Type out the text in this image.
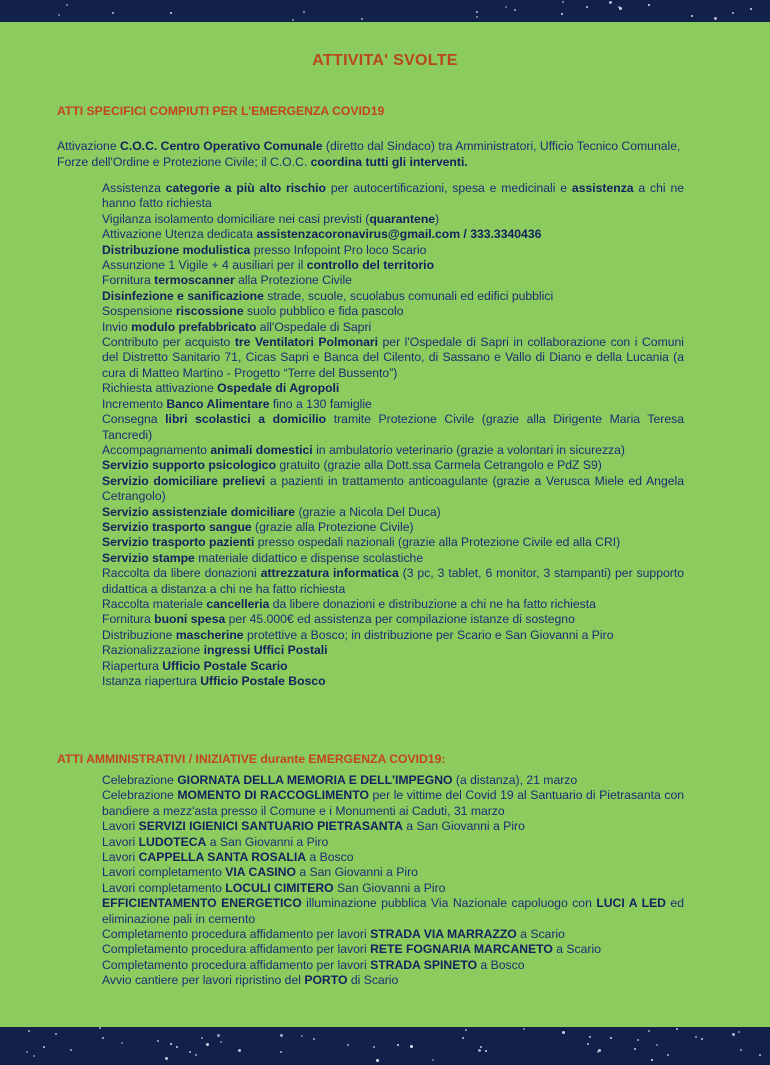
ATTIVITA' SVOLTE
ATTI SPECIFICI COMPIUTI PER L'EMERGENZA COVID19
Attivazione C.O.C. Centro Operativo Comunale (diretto dal Sindaco) tra Amministratori, Ufficio Tecnico Comunale, Forze dell'Ordine e Protezione Civile; il C.O.C. coordina tutti gli interventi.
Assistenza categorie a più alto rischio per autocertificazioni, spesa e medicinali e assistenza a chi ne hanno fatto richiesta
Vigilanza isolamento domiciliare nei casi previsti (quarantene)
Attivazione Utenza dedicata assistenzacoronavirus@gmail.com / 333.3340436
Distribuzione modulistica presso Infopoint Pro loco Scario
Assunzione 1 Vigile + 4 ausiliari per il controllo del territorio
Fornitura termoscanner alla Protezione Civile
Disinfezione e sanificazione strade, scuole, scuolabus comunali ed edifici pubblici
Sospensione riscossione suolo pubblico e fida pascolo
Invio modulo prefabbricato all'Ospedale di Sapri
Contributo per acquisto tre Ventilatori Polmonari per l'Ospedale di Sapri in collaborazione con i Comuni del Distretto Sanitario 71, Cicas Sapri e Banca del Cilento, di Sassano e Vallo di Diano e della Lucania (a cura di Matteo Martino - Progetto “Terre del Bussento”)
Richiesta attivazione Ospedale di Agropoli
Incremento Banco Alimentare fino a 130 famiglie
Consegna libri scolastici a domicilio tramite Protezione Civile (grazie alla Dirigente Maria Teresa Tancredi)
Accompagnamento animali domestici in ambulatorio veterinario (grazie a volontari in sicurezza)
Servizio supporto psicologico gratuito (grazie alla Dott.ssa Carmela Cetrangolo e PdZ S9)
Servizio domiciliare prelievi a pazienti in trattamento anticoagulante (grazie a Verusca Miele ed Angela Cetrangolo)
Servizio assistenziale domiciliare (grazie a Nicola Del Duca)
Servizio trasporto sangue (grazie alla Protezione Civile)
Servizio trasporto pazienti presso ospedali nazionali (grazie alla Protezione Civile ed alla CRI)
Servizio stampe materiale didattico e dispense scolastiche
Raccolta da libere donazioni attrezzatura informatica (3 pc, 3 tablet, 6 monitor, 3 stampanti) per supporto didattica a distanza a chi ne ha fatto richiesta
Raccolta materiale cancelleria da libere donazioni e distribuzione a chi ne ha fatto richiesta
Fornitura buoni spesa per 45.000€ ed assistenza per compilazione istanze di sostegno
Distribuzione mascherine protettive a Bosco; in distribuzione per Scario e San Giovanni a Piro
Razionalizzazione ingressi Uffici Postali
Riapertura Ufficio Postale Scario
Istanza riapertura Ufficio Postale Bosco
ATTI AMMINISTRATIVI / INIZIATIVE durante EMERGENZA COVID19:
Celebrazione GIORNATA DELLA MEMORIA E DELL'IMPEGNO (a distanza), 21 marzo
Celebrazione MOMENTO DI RACCOGLIMENTO per le vittime del Covid 19 al Santuario di Pietrasanta con bandiere a mezz'asta presso il Comune e i Monumenti ai Caduti, 31 marzo
Lavori SERVIZI IGIENICI SANTUARIO PIETRASANTA a San Giovanni a Piro
Lavori LUDOTECA a San Giovanni a Piro
Lavori CAPPELLA SANTA ROSALIA a Bosco
Lavori completamento VIA CASINO a San Giovanni a Piro
Lavori completamento LOCULI CIMITERO San Giovanni a Piro
EFFICIENTAMENTO ENERGETICO illuminazione pubblica Via Nazionale capoluogo con LUCI A LED ed eliminazione pali in cemento
Completamento procedura affidamento per lavori STRADA VIA MARRAZZO a Scario
Completamento procedura affidamento per lavori RETE FOGNARIA MARCANETO a Scario
Completamento procedura affidamento per lavori STRADA SPINETO a Bosco
Avvio cantiere per lavori ripristino del PORTO di Scario
